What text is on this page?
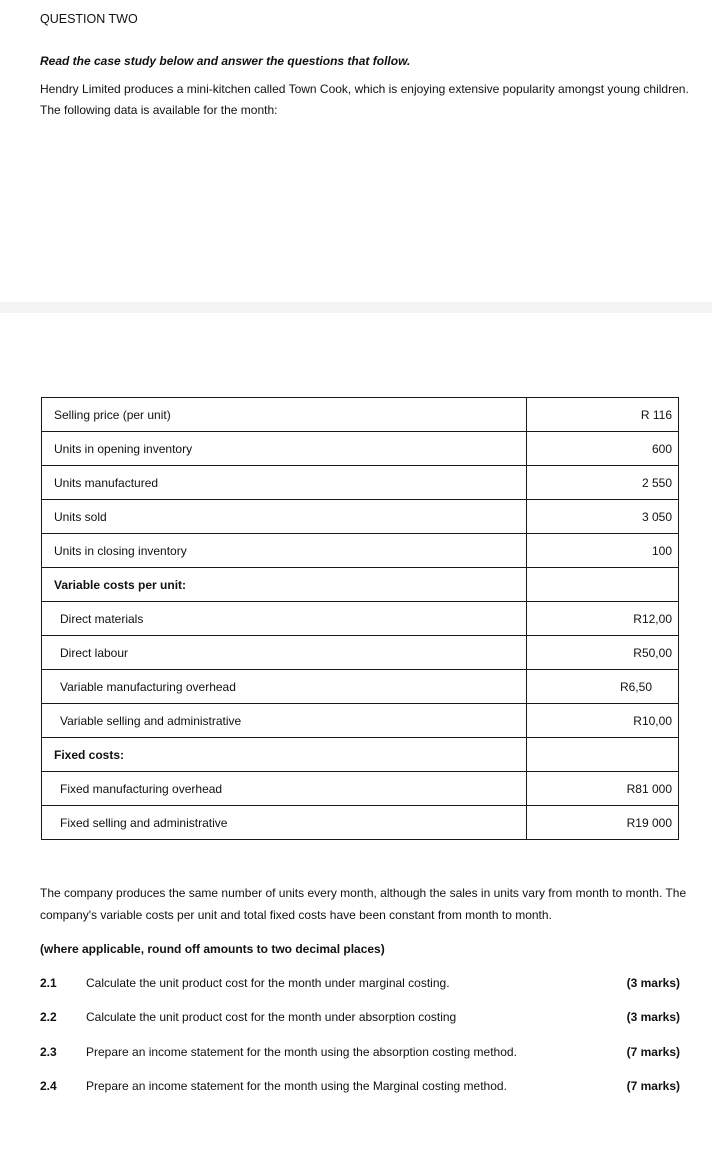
QUESTION TWO
Read the case study below and answer the questions that follow.
Hendry Limited produces a mini-kitchen called Town Cook, which is enjoying extensive popularity amongst young children. The following data is available for the month:
Selling price (per unit)	R 116
Units in opening inventory	600
Units manufactured	2 550
Units sold	3 050
Units in closing inventory	100
Variable costs per unit:	
Direct materials	R12,00
Direct labour	R50,00
Variable manufacturing overhead R6,50	

Variable selling and administrative	R10,00
Fixed costs:	
Fixed manufacturing overhead	R81 000
Fixed selling and administrative	R19 000
The company produces the same number of units every month, although the sales in units vary from month to month. The company's variable costs per unit and total fixed costs have been constant from month to month.
(where applicable, round off amounts to two decimal places)
2.1 Calculate the unit product cost for the month under marginal costing.	(3 marks)
2.2 Calculate the unit product cost for the month under absorption costing	(3 marks)
2.3 Prepare an income statement for the month using the absorption costing method.	(7 marks)
2.4 Prepare an income statement for the month using the Marginal costing method.	(7 marks)
